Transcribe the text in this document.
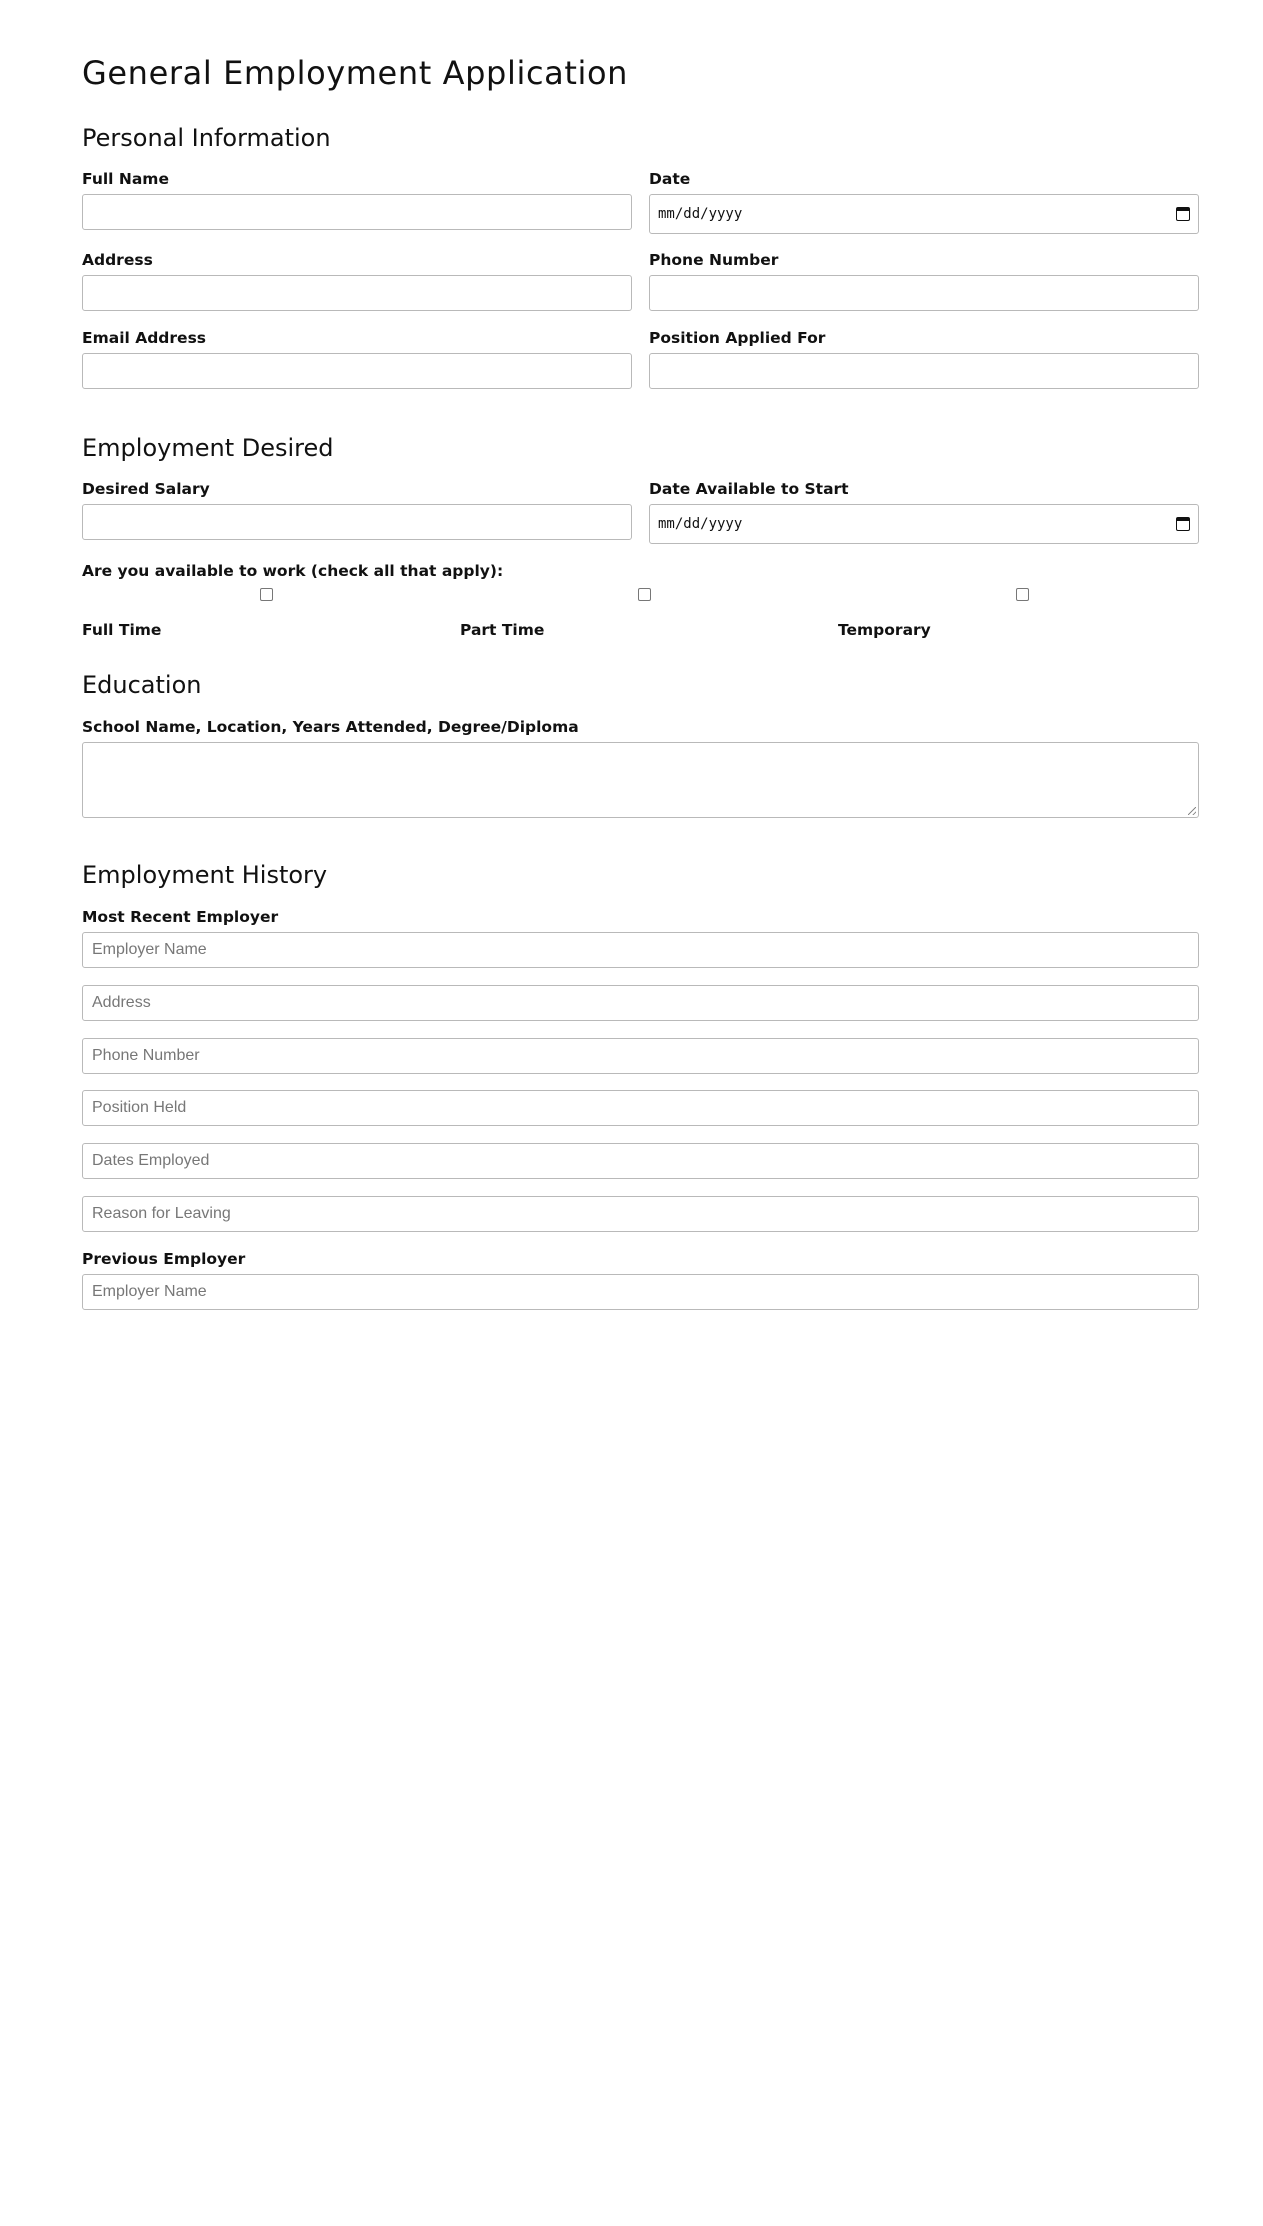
General Employment Application
Personal Information
Full Name	Date
mm/dd/yyyy
Address	Phone Number
Email Address	Position Applied For
Employment Desired
Desired Salary	Date Available to Start
mm/dd/yyyy
Are you available to work (check all that apply):
Full Time	Part Time	Temporary
Education
School Name, Location, Years Attended, Degree/Diploma
Employment History
Most Recent Employer
Employer Name
Address
Phone Number
Position Held
Dates Employed
Reason for Leaving
Previous Employer
Employer Name
